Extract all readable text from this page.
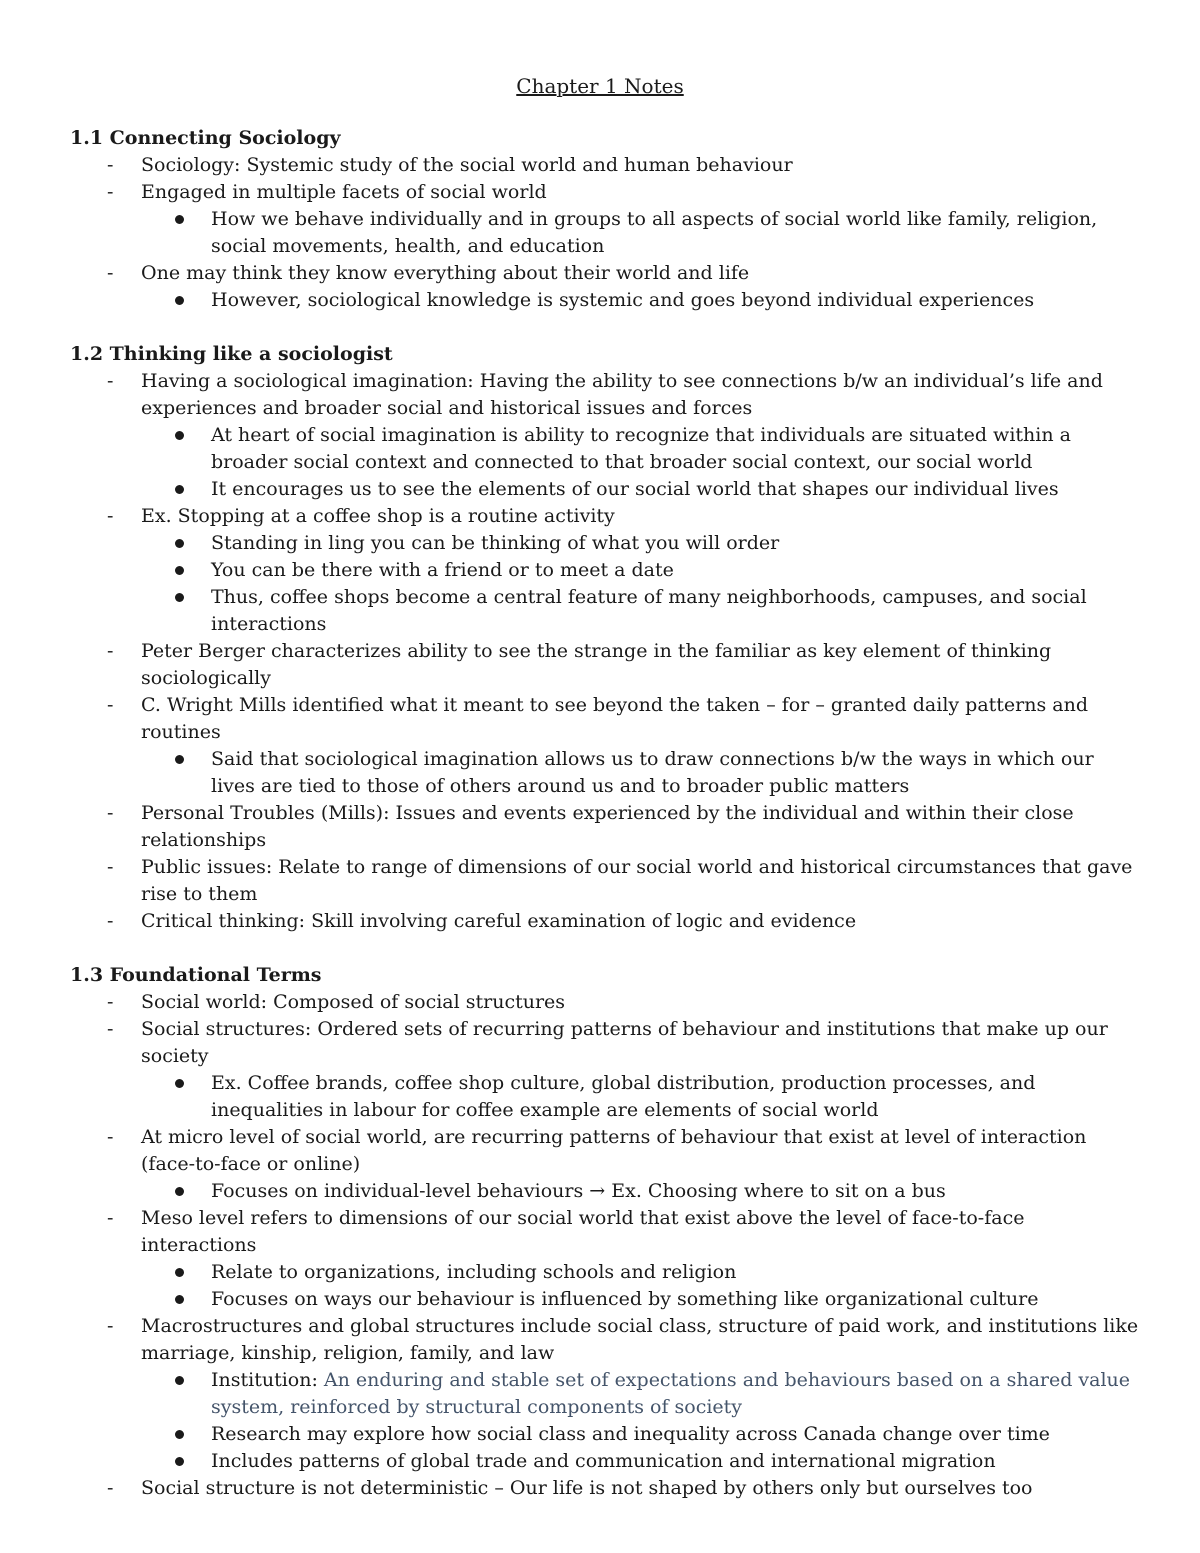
Chapter 1 Notes

1.1 Connecting Sociology

- Sociology: Systemic study of the social world and human behaviour
- Engaged in multiple facets of social world
How we behave individually and in groups to all aspects of social world like family, religion, social movements, health, and education
- One may think they know everything about their world and life
However, sociological knowledge is systemic and goes beyond individual experiences

1.2 Thinking like a sociologist

- Having a sociological imagination: Having the ability to see connections b/w an individual’s life and experiences and broader social and historical issues and forces
At heart of social imagination is ability to recognize that individuals are situated within a broader social context and connected to that broader social context, our social world
It encourages us to see the elements of our social world that shapes our individual lives
- Ex. Stopping at a coffee shop is a routine activity
Standing in ling you can be thinking of what you will order
You can be there with a friend or to meet a date
Thus, coffee shops become a central feature of many neighborhoods, campuses, and social interactions
- Peter Berger characterizes ability to see the strange in the familiar as key element of thinking sociologically
- C. Wright Mills identified what it meant to see beyond the taken – for – granted daily patterns and routines
Said that sociological imagination allows us to draw connections b/w the ways in which our lives are tied to those of others around us and to broader public matters
- Personal Troubles (Mills): Issues and events experienced by the individual and within their close relationships
- Public issues: Relate to range of dimensions of our social world and historical circumstances that gave rise to them
- Critical thinking: Skill involving careful examination of logic and evidence

1.3 Foundational Terms

- Social world: Composed of social structures
- Social structures: Ordered sets of recurring patterns of behaviour and institutions that make up our society
Ex. Coffee brands, coffee shop culture, global distribution, production processes, and inequalities in labour for coffee example are elements of social world
- At micro level of social world, are recurring patterns of behaviour that exist at level of interaction (face-to-face or online)
Focuses on individual-level behaviours → Ex. Choosing where to sit on a bus
- Meso level refers to dimensions of our social world that exist above the level of face-to-face interactions
Relate to organizations, including schools and religion
Focuses on ways our behaviour is influenced by something like organizational culture
- Macrostructures and global structures include social class, structure of paid work, and institutions like marriage, kinship, religion, family, and law
Institution: An enduring and stable set of expectations and behaviours based on a shared value system, reinforced by structural components of society
Research may explore how social class and inequality across Canada change over time
Includes patterns of global trade and communication and international migration
- Social structure is not deterministic – Our life is not shaped by others only but ourselves too
